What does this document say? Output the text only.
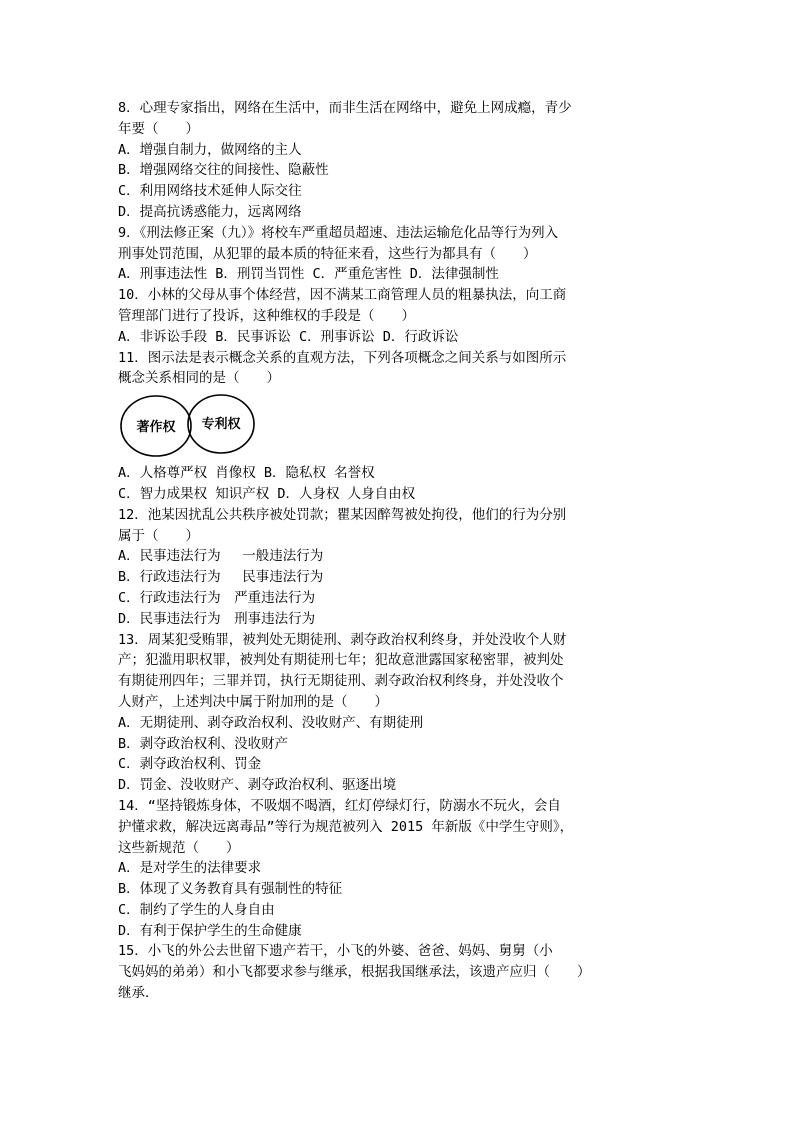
8．心理专家指出，网络在生活中，而非生活在网络中，避免上网成瘾，青少
年要（　　）
A．增强自制力，做网络的主人
B．增强网络交往的间接性、隐蔽性
C．利用网络技术延伸人际交往
D．提高抗诱惑能力，远离网络
9．《刑法修正案（九）》将校车严重超员超速、违法运输危化品等行为列入
刑事处罚范围，从犯罪的最本质的特征来看，这些行为都具有（　　）
A．刑事违法性 B．刑罚当罚性 C．严重危害性 D．法律强制性
10．小林的父母从事个体经营，因不满某工商管理人员的粗暴执法，向工商
管理部门进行了投诉，这种维权的手段是（　　）
A．非诉讼手段 B．民事诉讼 C．刑事诉讼 D．行政诉讼
11．图示法是表示概念关系的直观方法，下列各项概念之间关系与如图所示
概念关系相同的是（　　）
著作权 专利权
A．人格尊严权 肖像权 B．隐私权 名誉权
C．智力成果权 知识产权 D．人身权 人身自由权
12．池某因扰乱公共秩序被处罚款；瞿某因醉驾被处拘役，他们的行为分别
属于（　　）
A．民事违法行为　 一般违法行为
B．行政违法行为　 民事违法行为
C．行政违法行为　严重违法行为
D．民事违法行为　刑事违法行为
13．周某犯受贿罪，被判处无期徒刑、剥夺政治权利终身，并处没收个人财
产；犯滥用职权罪，被判处有期徒刑七年；犯故意泄露国家秘密罪，被判处
有期徒刑四年；三罪并罚，执行无期徒刑、剥夺政治权利终身，并处没收个
人财产，上述判决中属于附加刑的是（　　）
A．无期徒刑、剥夺政治权利、没收财产、有期徒刑
B．剥夺政治权利、没收财产
C．剥夺政治权利、罚金
D．罚金、没收财产、剥夺政治权利、驱逐出境
14．“坚持锻炼身体，不吸烟不喝酒，红灯停绿灯行，防溺水不玩火，会自
护懂求救，解决远离毒品”等行为规范被列入 2015 年新版《中学生守则》，
这些新规范（　　）
A．是对学生的法律要求
B．体现了义务教育具有强制性的特征
C．制约了学生的人身自由
D．有利于保护学生的生命健康
15．小飞的外公去世留下遗产若干，小飞的外婆、爸爸、妈妈、舅舅（小
飞妈妈的弟弟）和小飞都要求参与继承，根据我国继承法，该遗产应归（　　）
继承．
